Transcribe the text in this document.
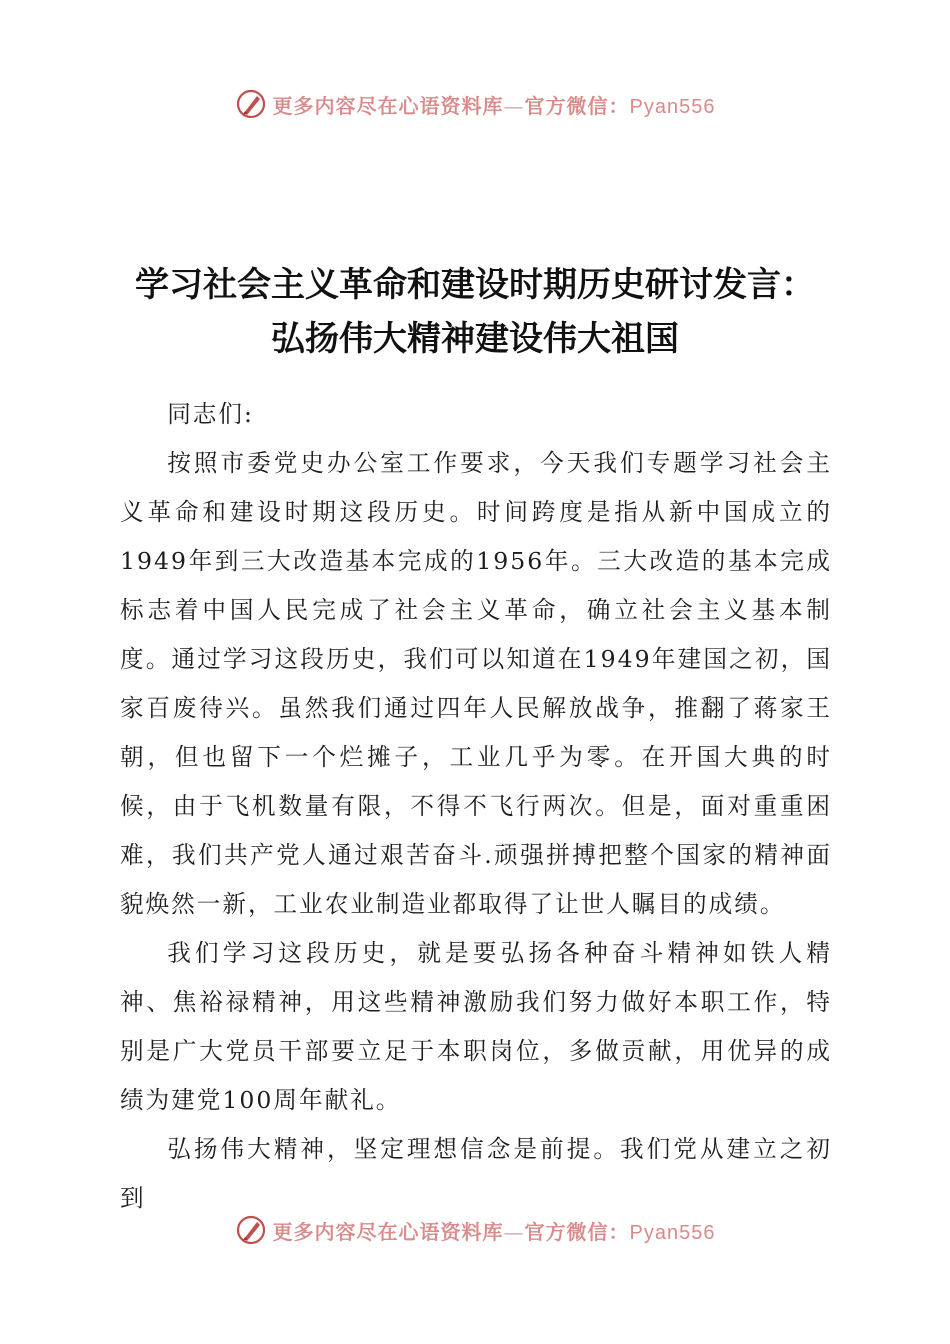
更多内容尽在心语资料库—官方微信：Pyan556
学习社会主义革命和建设时期历史研讨发言：
弘扬伟大精神建设伟大祖国

同志们:

按照市委党史办公室工作要求，今天我们专题学习社会主义革命和建设时期这段历史。时间跨度是指从新中国成立的1949年到三大改造基本完成的1956年。三大改造的基本完成标志着中国人民完成了社会主义革命，确立社会主义基本制度。通过学习这段历史，我们可以知道在1949年建国之初，国家百废待兴。虽然我们通过四年人民解放战争，推翻了蒋家王朝，但也留下一个烂摊子，工业几乎为零。在开国大典的时候，由于飞机数量有限，不得不飞行两次。但是，面对重重困难，我们共产党人通过艰苦奋斗.顽强拼搏把整个国家的精神面貌焕然一新，工业农业制造业都取得了让世人瞩目的成绩。

我们学习这段历史，就是要弘扬各种奋斗精神如铁人精神、焦裕禄精神，用这些精神激励我们努力做好本职工作，特别是广大党员干部要立足于本职岗位，多做贡献，用优异的成绩为建党100周年献礼。

弘扬伟大精神，坚定理想信念是前提。我们党从建立之初到

更多内容尽在心语资料库—官方微信：Pyan556
